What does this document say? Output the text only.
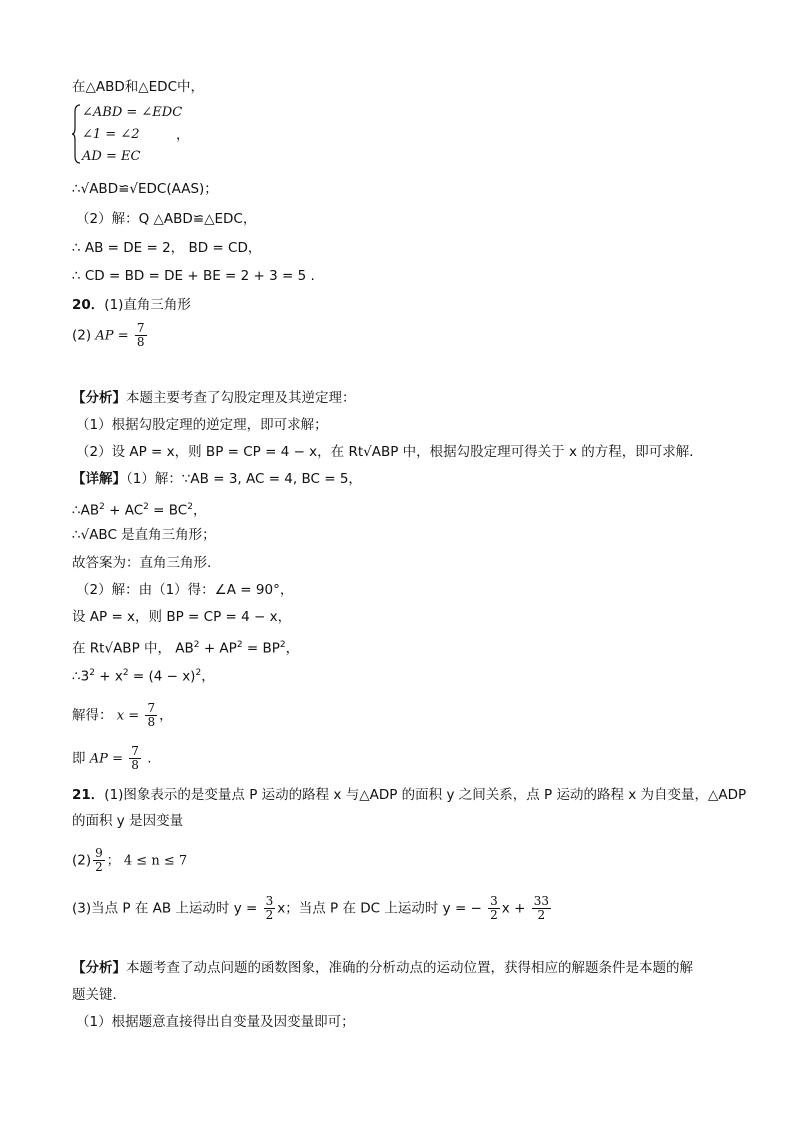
在△ABD和△EDC中，
∠ABD = ∠EDC
∠1 = ∠2
AD = EC
，
∴√ABD≌√EDC(AAS)；
（2）解：Q △ABD≌△EDC，
∴ AB = DE = 2， BD = CD，
∴ CD = BD = DE + BE = 2 + 3 = 5 .
20．(1)直角三角形
(2) AP = $\frac{7}{8}$
【分析】本题主要考查了勾股定理及其逆定理：
（1）根据勾股定理的逆定理，即可求解；
（2）设 AP = x，则 BP = CP = 4 − x，在 Rt√ABP 中，根据勾股定理可得关于 x 的方程，即可求解．
【详解】（1）解：∵AB = 3, AC = 4, BC = 5，
$\therefore AB^2 + AC^2 = BC^2$，
∴√ABC 是直角三角形；
故答案为：直角三角形.
（2）解：由（1）得：∠A = 90°，
设 AP = x，则 BP = CP = 4 − x，
在 Rt√ABP 中， $AB^2 + AP^2 = BP^2$，
$\therefore 3^2 + x^2 = (4 - x)^2$，
解得： $x = \frac{7}{8}$ ，
即 AP = $\frac{7}{8}$ .
21．(1)图象表示的是变量点 P 运动的路程 x 与△ADP 的面积 y 之间关系，点 P 运动的路程 x 为自变量，△ADP
的面积 y 是因变量
$(2) \frac{9}{2}$ ； 4 ≤ n ≤ 7
(3)当点 P 在 AB 上运动时 $y = \frac{3}{2}$ x；当点 P 在 DC 上运动时 y = − $\frac{3}{2}$ $x + \frac{33}{2}$
【分析】本题考查了动点问题的函数图象，准确的分析动点的运动位置，获得相应的解题条件是本题的解
题关键．
（1）根据题意直接得出自变量及因变量即可；
